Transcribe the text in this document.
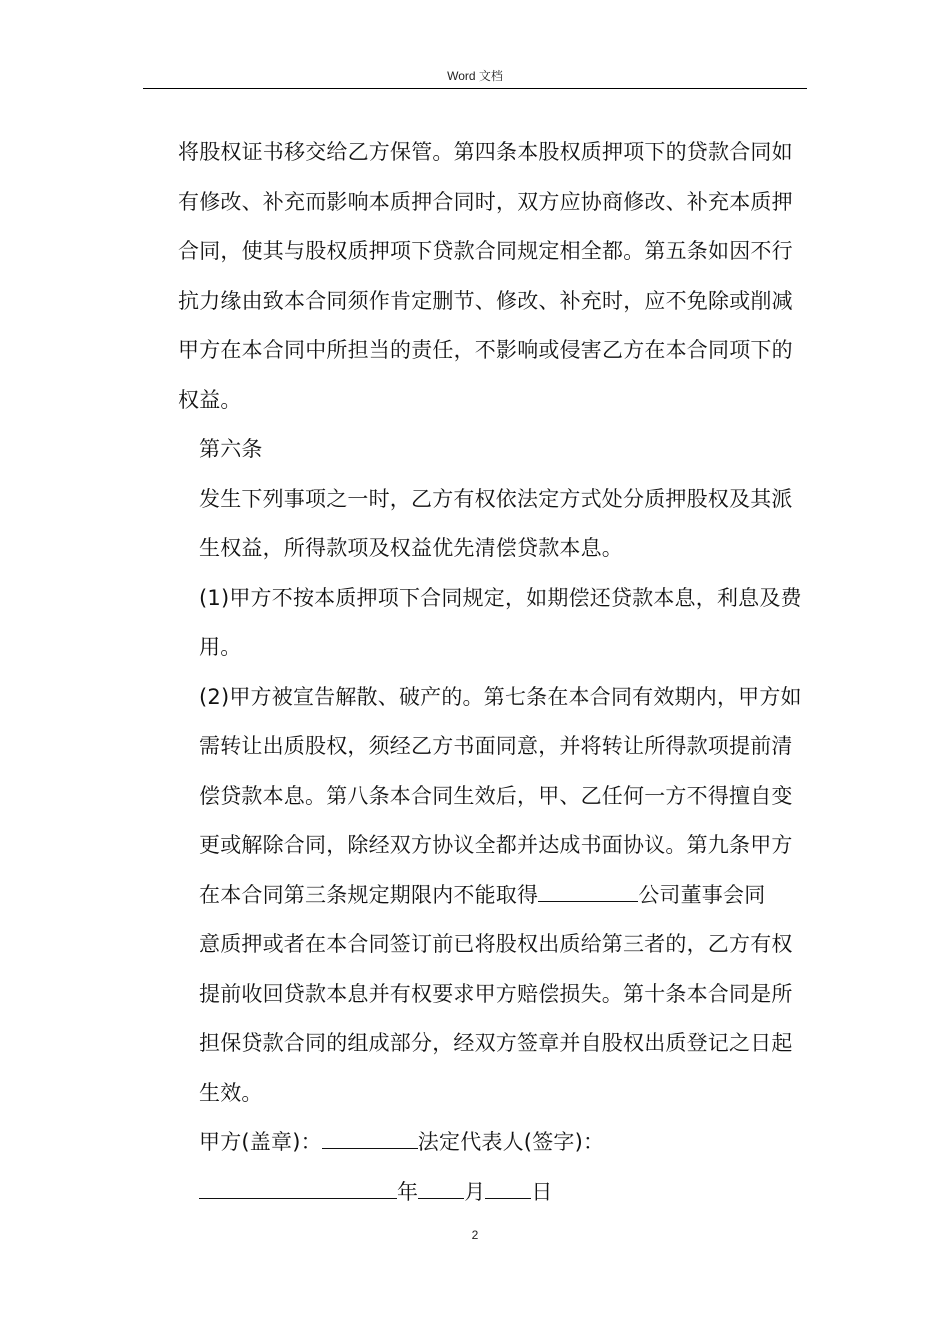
Word 文档

将股权证书移交给乙方保管。第四条本股权质押项下的贷款合同如有修改、补充而影响本质押合同时，双方应协商修改、补充本质押合同，使其与股权质押项下贷款合同规定相全都。第五条如因不行抗力缘由致本合同须作肯定删节、修改、补充时，应不免除或削减甲方在本合同中所担当的责任，不影响或侵害乙方在本合同项下的权益。

第六条

发生下列事项之一时，乙方有权依法定方式处分质押股权及其派生权益，所得款项及权益优先清偿贷款本息。

(1)甲方不按本质押项下合同规定，如期偿还贷款本息，利息及费用。

(2)甲方被宣告解散、破产的。第七条在本合同有效期内，甲方如需转让出质股权，须经乙方书面同意，并将转让所得款项提前清偿贷款本息。第八条本合同生效后，甲、乙任何一方不得擅自变更或解除合同，除经双方协议全都并达成书面协议。第九条甲方在本合同第三条规定期限内不能取得	公司董事会同

意质押或者在本合同签订前已将股权出质给第三者的，乙方有权提前收回贷款本息并有权要求甲方赔偿损失。第十条本合同是所担保贷款合同的组成部分，经双方签章并自股权出质登记之日起生效。

甲方(盖章)：	法定代表人(签字)：

年 月 日

2
